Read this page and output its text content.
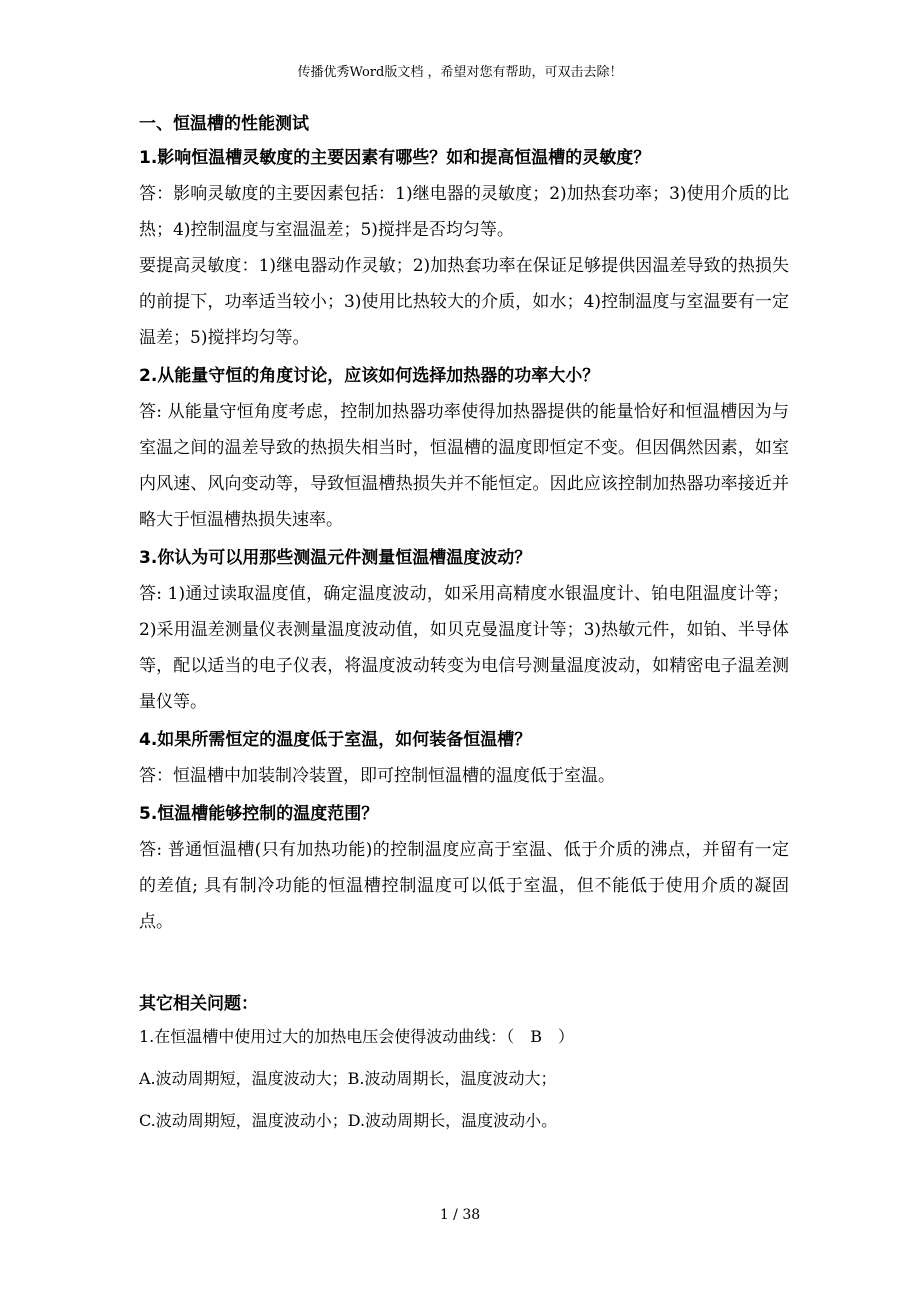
传播优秀Word版文档 ，希望对您有帮助，可双击去除！

一、恒温槽的性能测试

1.影响恒温槽灵敏度的主要因素有哪些？如和提高恒温槽的灵敏度？

答：影响灵敏度的主要因素包括：1)继电器的灵敏度；2)加热套功率；3)使用介质的比热；4)控制温度与室温温差；5)搅拌是否均匀等。

要提高灵敏度：1)继电器动作灵敏；2)加热套功率在保证足够提供因温差导致的热损失的前提下，功率适当较小；3)使用比热较大的介质，如水；4)控制温度与室温要有一定温差；5)搅拌均匀等。

2.从能量守恒的角度讨论，应该如何选择加热器的功率大小？

答: 从能量守恒角度考虑，控制加热器功率使得加热器提供的能量恰好和恒温槽因为与室温之间的温差导致的热损失相当时，恒温槽的温度即恒定不变。但因偶然因素，如室内风速、风向变动等，导致恒温槽热损失并不能恒定。因此应该控制加热器功率接近并略大于恒温槽热损失速率。

3.你认为可以用那些测温元件测量恒温槽温度波动？

答: 1)通过读取温度值，确定温度波动，如采用高精度水银温度计、铂电阻温度计等；2)采用温差测量仪表测量温度波动值，如贝克曼温度计等；3)热敏元件，如铂、半导体等，配以适当的电子仪表，将温度波动转变为电信号测量温度波动，如精密电子温差测量仪等。

4.如果所需恒定的温度低于室温，如何装备恒温槽？

答：恒温槽中加装制冷装置，即可控制恒温槽的温度低于室温。

5.恒温槽能够控制的温度范围？

答: 普通恒温槽(只有加热功能)的控制温度应高于室温、低于介质的沸点，并留有一定的差值; 具有制冷功能的恒温槽控制温度可以低于室温，但不能低于使用介质的凝固点。

其它相关问题：

1.在恒温槽中使用过大的加热电压会使得波动曲线：（　B　）

A.波动周期短，温度波动大；B.波动周期长，温度波动大；

C.波动周期短，温度波动小；D.波动周期长，温度波动小。

1 / 38
